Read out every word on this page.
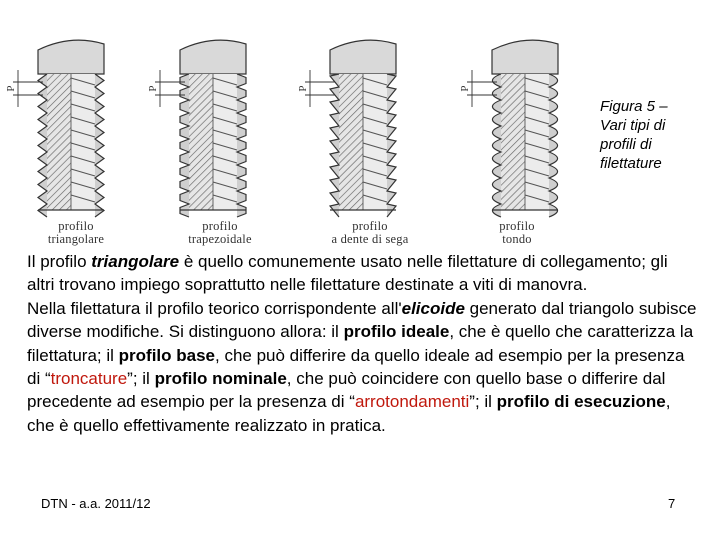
P	P	P	P
profilo
triangolare
profilo
trapezoidale
profilo
a dente di sega
profilo
tondo
Figura 5 –
Vari tipi di
profili di
filettature

Il profilo triangolare è quello comunemente usato nelle filettature di collegamento; gli altri trovano impiego soprattutto nelle filettature destinate a viti di manovra.

Nella filettatura il profilo teorico corrispondente all'elicoide generato dal triangolo subisce diverse modifiche. Si distinguono allora: il profilo ideale, che è quello che caratterizza la filettatura; il profilo base, che può differire da quello ideale ad esempio per la presenza di “troncature”; il profilo nominale, che può coincidere con quello base o differire dal precedente ad esempio per la presenza di “arrotondamenti”; il profilo di esecuzione, che è quello effettivamente realizzato in pratica.

DTN - a.a. 2011/12	7
